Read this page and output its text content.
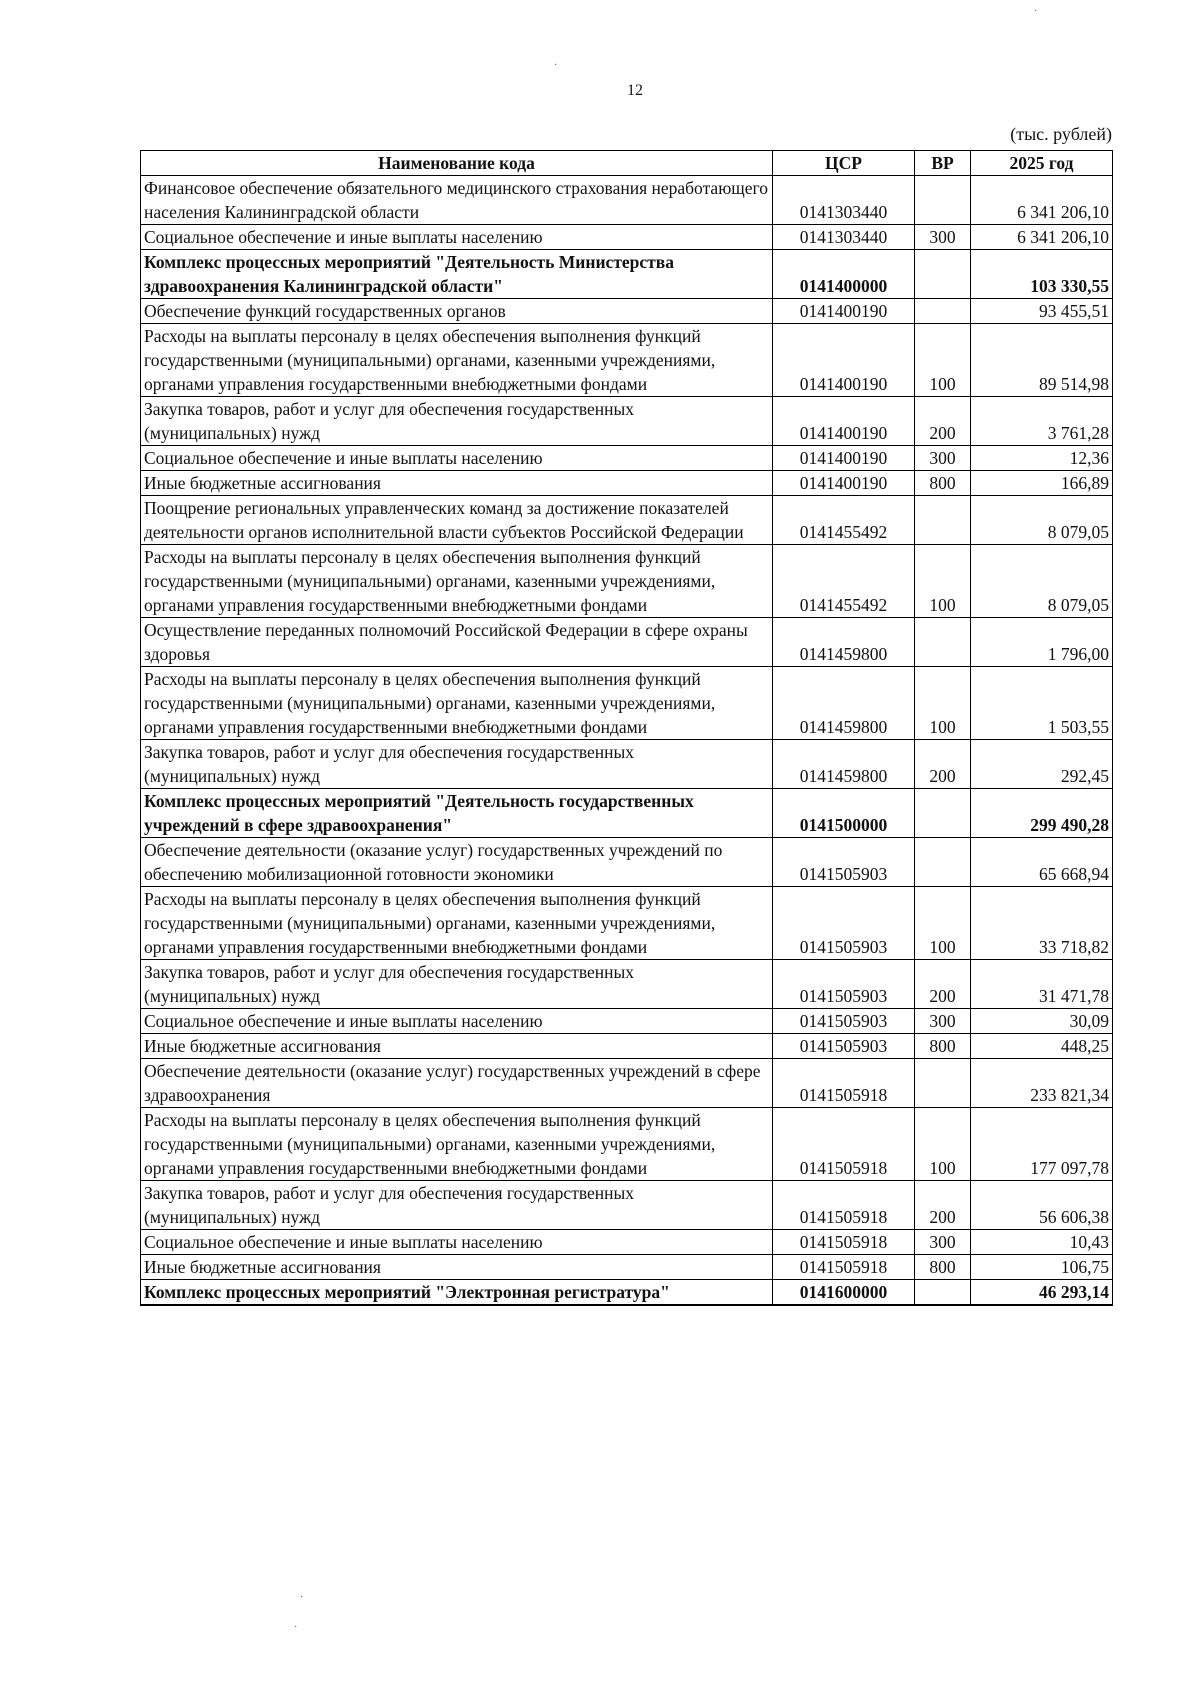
12
(тыс. рублей)
Наименование кода	ЦСР	ВР	2025 год
Финансовое обеспечение обязательного медицинского страхования неработающего населения Калининградской области	0141303440		6 341 206,10
Социальное обеспечение и иные выплаты населению	0141303440	300	6 341 206,10
Комплекс процессных мероприятий "Деятельность Министерства здравоохранения Калининградской области"	0141400000		103 330,55
Обеспечение функций государственных органов	0141400190		93 455,51
Расходы на выплаты персоналу в целях обеспечения выполнения функций государственными (муниципальными) органами, казенными учреждениями, органами управления государственными внебюджетными фондами	0141400190	100	89 514,98
Закупка товаров, работ и услуг для обеспечения государственных (муниципальных) нужд	0141400190	200	3 761,28
Социальное обеспечение и иные выплаты населению	0141400190	300	12,36
Иные бюджетные ассигнования	0141400190	800	166,89
Поощрение региональных управленческих команд за достижение показателей деятельности органов исполнительной власти субъектов Российской Федерации	0141455492		8 079,05
Расходы на выплаты персоналу в целях обеспечения выполнения функций государственными (муниципальными) органами, казенными учреждениями, органами управления государственными внебюджетными фондами	0141455492	100	8 079,05
Осуществление переданных полномочий Российской Федерации в сфере охраны здоровья	0141459800		1 796,00
Расходы на выплаты персоналу в целях обеспечения выполнения функций государственными (муниципальными) органами, казенными учреждениями, органами управления государственными внебюджетными фондами	0141459800	100	1 503,55
Закупка товаров, работ и услуг для обеспечения государственных (муниципальных) нужд	0141459800	200	292,45
Комплекс процессных мероприятий "Деятельность государственных учреждений в сфере здравоохранения"	0141500000		299 490,28
Обеспечение деятельности (оказание услуг) государственных учреждений по обеспечению мобилизационной готовности экономики	0141505903		65 668,94
Расходы на выплаты персоналу в целях обеспечения выполнения функций государственными (муниципальными) органами, казенными учреждениями, органами управления государственными внебюджетными фондами	0141505903	100	33 718,82
Закупка товаров, работ и услуг для обеспечения государственных (муниципальных) нужд	0141505903	200	31 471,78
Социальное обеспечение и иные выплаты населению	0141505903	300	30,09
Иные бюджетные ассигнования	0141505903	800	448,25
Обеспечение деятельности (оказание услуг) государственных учреждений в сфере здравоохранения	0141505918		233 821,34
Расходы на выплаты персоналу в целях обеспечения выполнения функций государственными (муниципальными) органами, казенными учреждениями, органами управления государственными внебюджетными фондами	0141505918	100	177 097,78
Закупка товаров, работ и услуг для обеспечения государственных (муниципальных) нужд	0141505918	200	56 606,38
Социальное обеспечение и иные выплаты населению	0141505918	300	10,43
Иные бюджетные ассигнования	0141505918	800	106,75
Комплекс процессных мероприятий "Электронная регистратура"	0141600000		46 293,14
·
·
·
·
